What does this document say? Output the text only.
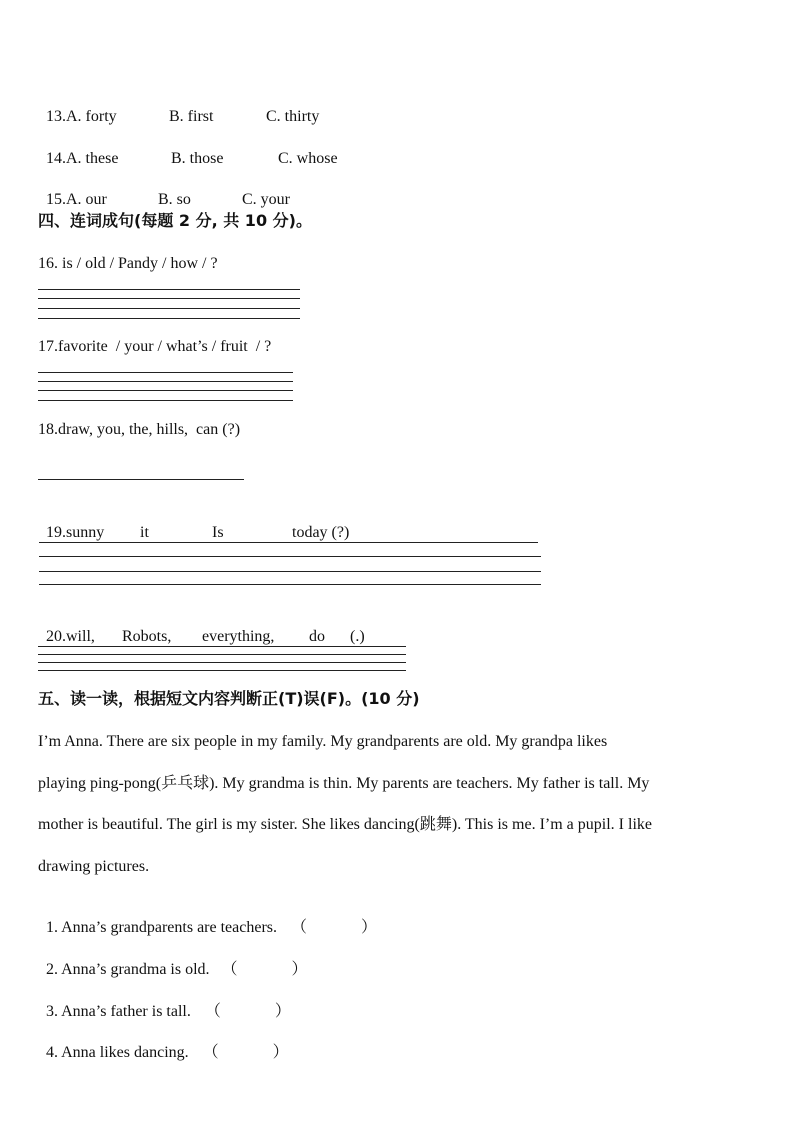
13.A. forty	B. first	C. thirty

14.A. these	B. those	C. whose

15.A. our	B. so	C. your

四、连词成句(每题 2 分, 共 10 分)。
16. is / old / Pandy / how / ?
17.favorite  / your / what’s / fruit  / ?
18.draw, you, the, hills,  can (?)

19.sunny it	Is	today (?)

20.will, Robots, everything, do (.)

五、读一读，根据短文内容判断正(T)误(F)。(10 分)
I’m Anna. There are six people in my family. My grandparents are old. My grandpa likes
playing ping-pong(乒乓球). My grandma is thin. My parents are teachers. My father is tall. My
mother is beautiful. The girl is my sister. She likes dancing(跳舞). This is me. I’m a pupil. I like
drawing pictures.

1. Anna’s grandparents are teachers. （	）

2. Anna’s grandma is old. （	）

3. Anna’s father is tall. （	）

4. Anna likes dancing. （	）
